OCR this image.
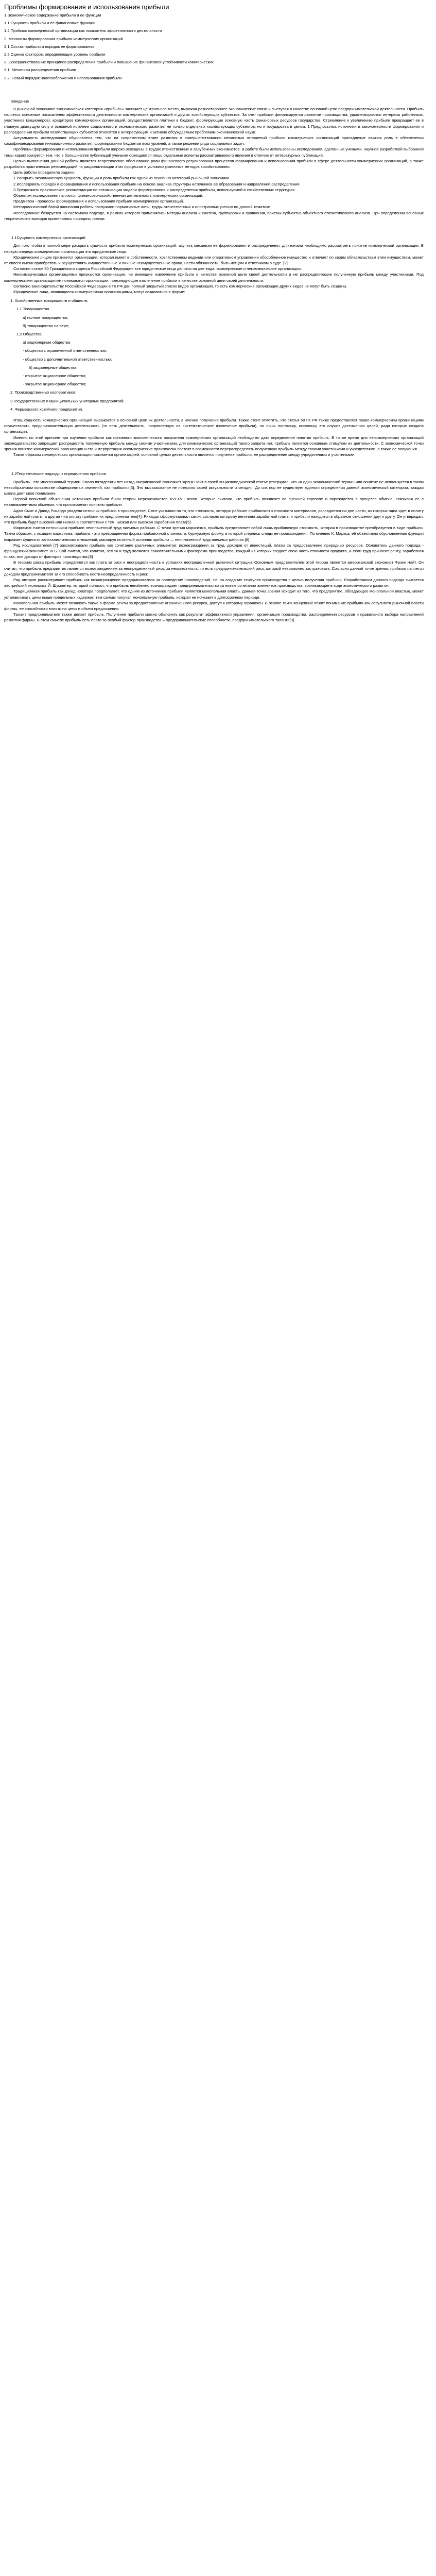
Проблемы формирования и использования прибыли

1.Экономическое содержание прибыли и ее функции

1.1 Сущность прибыли и ее финансовые функции

1.2 Прибыль коммерческой организации как показатель эффективности деятельности

2. Механизм формирования прибыли коммерческих организаций

2.1 Состав прибыли и порядок ее формирования

2.2 Оценка факторов, определяющих уровень прибыли

3. Совершенствование принципов распределения прибыли и повышение финансовой устойчивости коммерческих

3.1. Механизм распределения прибыли

3.2. Новый порядок налогообложения и использования прибыли

Введение

В рыночной экономике экономическая категория «прибыль» занимает центральное место, выражая разностороннее экономические связи и выступая в качестве основной цели предпринимательской деятельности. Прибыль является основным показателем эффективности деятельности коммерческих организаций и других хозяйствующих субъектов. За счет прибыли финансируется развитие производства, удовлетворяются интересы работников, участников (акционеров), кредиторов коммерческих организаций, осуществляются платежи в бюджет, формирующие основную часть финансовых ресурсов государства. Стремление к увеличению прибыли превращает ее в главную движущую силу и основной источник социального и экономического развития не только отдельных хозяйствующих субъектов, но и государства в целом. 1 Предпосылки, источники и закономерности формирования и распределения прибыли хозяйствующих субъектов относятся к интересующим и активно обсуждаемым проблемам экономической науки.

Актуальность исследования обусловлена тем, что на современном этапе развития в совершенствовании механизма отношений прибыли коммерческих организаций принадлежит важная роль в обеспечении самофинансирования инновационного развития, формировании бюджетов всех уровней, а также решении ряда социальных задач.

Проблемы формирования и использования прибыли широко освещены в трудах отечественных и зарубежных экономистов. В работе были использованы исследования, сделанные учеными, научной разработкой выбранной темы характеризуется тем, что в большинстве публикаций учеными освещаются лишь отдельные аспекты рассматриваемого явления в отличие от литературных публикаций.

Целью выполнения данной работы является теоретическое обоснование роли финансового регулирования процессов формирования и использования прибыли в сфере деятельности коммерческих организаций, а также разработка практических рекомендаций по рационализации этих процессов в условиях рыночных методов хозяйствования.

Цель работы определила задачи:

1.Раскрыть экономическую сущность, функции и роль прибыли как одной из основных категорий рыночной экономики.

2.Исследовать порядок и формирования и использования прибыли на основе анализа структуры источников ее образования и направлений распределения.

3.Предложить практические рекомендации по оптимизации модели формирования и распределения прибыли, используемой в хозяйственных структурах.

Объектом исследования являются финансово-хозяйственная деятельность коммерческих организаций.

Предметом - процессы формирования и использования прибыли коммерческих организаций.

Методологической базой написания работы послужили нормативные акты, труды отечественных и иностранных ученых по данной тематике.

Исследование базируется на системном подходе, в рамках которого применялись методы анализа и синтеза, группировки и сравнения, приемы субъектно-объектного статистического анализа. При определении основных теоретических выводов применялись принципы логики.

1.1Сущность коммерческих организаций

Для того чтобы в полной мере раскрыть сущность прибыли коммерческих организаций, изучить механизм ее формирования и распределения, для начала необходимо рассмотреть понятие коммерческой организации. В первую очередь коммерческая организация это юридическое лицо.

Юридическим лицом признается организация, которая имеет в собственности, хозяйственном ведении или оперативном управлении обособленное имущество и отвечает по своим обязательствам этим имуществом, может от своего имени приобретать и осуществлять имущественные и личные неимущественные права, нести обязанности, быть истцом и ответчиком в суде. [2]

Согласно статье 50 Гражданского кодекса Российской Федерации все юридические лица делятся на две вида: коммерческие и некоммерческие организации.

Некоммерческими организациями признаются организации, не имеющие извлечение прибыли в качестве основной цели своей деятельности и не распределяющие полученную прибыль между участниками. Под коммерческими организациями понимаются организации, преследующие извлечение прибыли в качестве основной цели своей деятельности.

Согласно законодательству Российской Федерации в ГК РФ дан полный закрытый список видов организаций, то есть коммерческие организации других видов не могут быть созданы.

Юридические лица, являющиеся коммерческими организациями, могут создаваться в форме:

1. Хозяйственных товариществ и обществ:

1.1 Товарищества

а) полное товарищество;

б) товарищество на вере;

1.2 Общества

а) акционерные общества

- общество с ограниченной ответственностью;

- общество с дополнительной ответственностью;

б) акционерные общества

- открытое акционерное общество;

- закрытое акционерное общество;

2. Производственных кооперативов;

3.Государственных и муниципальных унитарных предприятий;

4. Фермерского хозяйного предприятия.

Итак, сущность коммерческих организаций выражается в основной цели их деятельности, а именно получение прибыли. Также стоит отметить, что статья 50 ГК РФ также предоставляет право коммерческим организациям осуществлять предпринимательскую деятельность (то есть деятельность, направленную на систематическое извлечение прибыли), но лишь постольку, поскольку это служит достижению целей, ради которых создана организация.

Именно по этой причине при изучении прибыли как основного экономического показателя коммерческих организаций необходимо дать определение понятия прибыль. В то же время для некоммерческих организаций законодательство запрещает распределять полученную прибыль между своими участниками, для коммерческих организаций такого запрета нет, прибыль является основным стимулом их деятельности. С экономической точки зрения понятие коммерческой организации и его интерпретация некоммерческие практически состоят в возможности перераспределять полученную прибыль между своими участниками и учредителями, а также ее получения.

Таким образом коммерческая организация признается организацией, основной целью деятельности является получение прибыли, ее распределение между учредителями и участниками.

1.2Теоретические подходы к определению прибыли

Прибыль - это многозначный термин. Около пятидесяти лет назад американский экономист Фрэнк Найт в своей энциклопедической статье утверждал, что «в один экономический термин или понятие не используется в таком невообразимом количестве общепринятых значений, как прибыль»[3]. Это высказывание не потеряло своей актуальности и сегодня. До сих пор не существует единого определения данной экономической категории, каждая школа дает свое понимание.

Первой попыткой объяснения источника прибыли были теории меркантилистов XVI-XVII веков, которые считали, что прибыль возникает во внешней торговле и порождается в процессе обмена, связывая ее с неэквивалентным обменом, что противоречит понятию прибыли.

Адам Смит и Давид Рикардо увидели источник прибыли в производстве. Смит указывал на то, что стоимость, которую рабочие прибавляют к стоимости материалов, распадается на две части, из которых одна идет в оплату их заработной платы, а другая - на оплату прибыли их предпринимателя[4]. Рикардо сформулировал закон, согласно которому величина заработной платы и прибыли находится в обратном отношении друг к другу. Он утверждал, что прибыль будет высокой или низкой в соответствии с тем, низкая или высокая заработная плата[5].

Марксизм считал источником прибыли неоплаченный труд наемных рабочих. С точки зрения марксизма, прибыль представляет собой лишь прибавочную стоимость, которая в производстве преобразуется в виде прибыли. Таким образом, с позиции марксизма, прибыль - это превращенная форма прибавочной стоимости, буржуазную форму, в которой стерлись следы ее происхождения. По мнению К. Маркса, её объективно обусловленная функция выражает сущность капиталистических отношений, маскируя истинный источник прибыли — неоплаченный труд наемных рабочих.[6]

Ряд исследователей [7] рассматривали прибыль как сочетание различных элементов: вознаграждения за труд, доходов от инвестиций, платы за предоставление природных ресурсов. Основатель данного подхода - французский экономист Ж.Б. Сэй считал, что капитал, земля и труд являются самостоятельными факторами производства, каждый из которых создает свою часть стоимости продукта, и если труд приносит ренту, заработная плата, или доходы от факторов производства.[8]

В теориях риска прибыль определяется как плата за риск и неопределенность в условиях неопределенной рыночной ситуации. Основным представителем этой теории является американский экономист Фрэнк Найт. Он считал, что прибыль предприятия является вознаграждением за неопределенный риск, за неизвестность, то есть предпринимательский риск, который невозможно застраховать. Согласно данной точке зрения, прибыль является доходом предпринимателя за его способность нести неопределенность и риск.

Ряд авторов рассматривает прибыль как вознаграждение предпринимателя за проведение нововведений, т.е. за создание стимулов производства с целью получения прибыли. Разработчиком данного подхода считается австрийский экономист Й. Шумпетер, который полагал, что прибыль неизбежно вознаграждает предпринимательство за новые сочетания элементов производства, возникающие в ходе экономического развития.

Традиционная прибыль как доход новатора предполагает, что одним из источников прибыли является монопольная власть. Данная точка зрения исходит из того, что предприятие, обладающее монопольной властью, может устанавливать цены выше предельных издержек, тем самым получая монопольную прибыль, которая не исчезает в долгосрочном периоде.

Монопольная прибыль может возникать также в форме ренты за предоставление ограниченного ресурса, доступ к которому ограничен. В основе таких концепций лежит понимание прибыли как результата рыночной власти фирмы, ее способности влиять на цены и объем предложения.

Талант предпринимателя также делает прибыль. Получение прибыли можно объяснить как результат эффективного управления, организации производства, распределения ресурсов и правильного выбора направлений развития фирмы. В этом смысле прибыль есть плата за особый фактор производства – предпринимательские способности, предпринимательского таланта[9].
